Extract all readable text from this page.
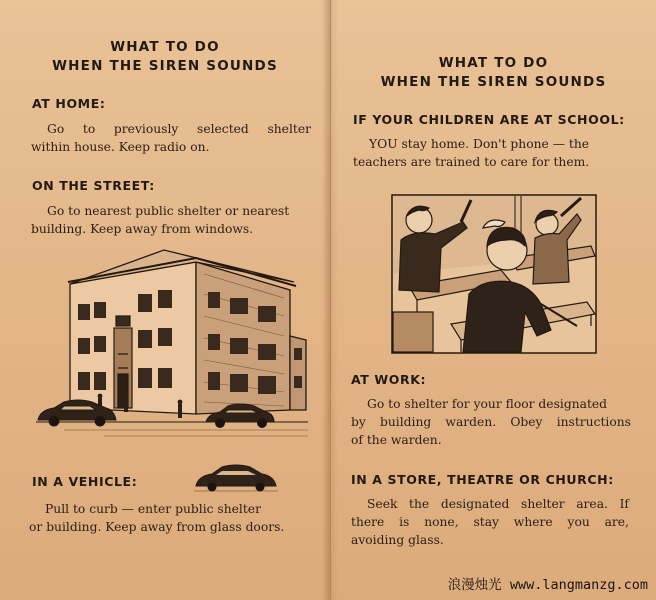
WHAT TO DO
WHEN THE SIREN SOUNDS
AT HOME:
Go to previously selected shelter
within house. Keep radio on.
ON THE STREET:
Go to nearest public shelter or nearest
building. Keep away from windows.
IN A VEHICLE:
Pull to curb — enter public shelter
or building. Keep away from glass doors.
WHAT TO DO
WHEN THE SIREN SOUNDS
IF YOUR CHILDREN ARE AT SCHOOL:
YOU stay home. Don't phone — the
teachers are trained to care for them.
AT WORK:
Go to shelter for your floor designated
by building warden. Obey instructions
of the warden.
IN A STORE, THEATRE OR CHURCH:
Seek the designated shelter area. If
there is none, stay where you are,
avoiding glass.
浪漫烛光 www.langmanzg.com
